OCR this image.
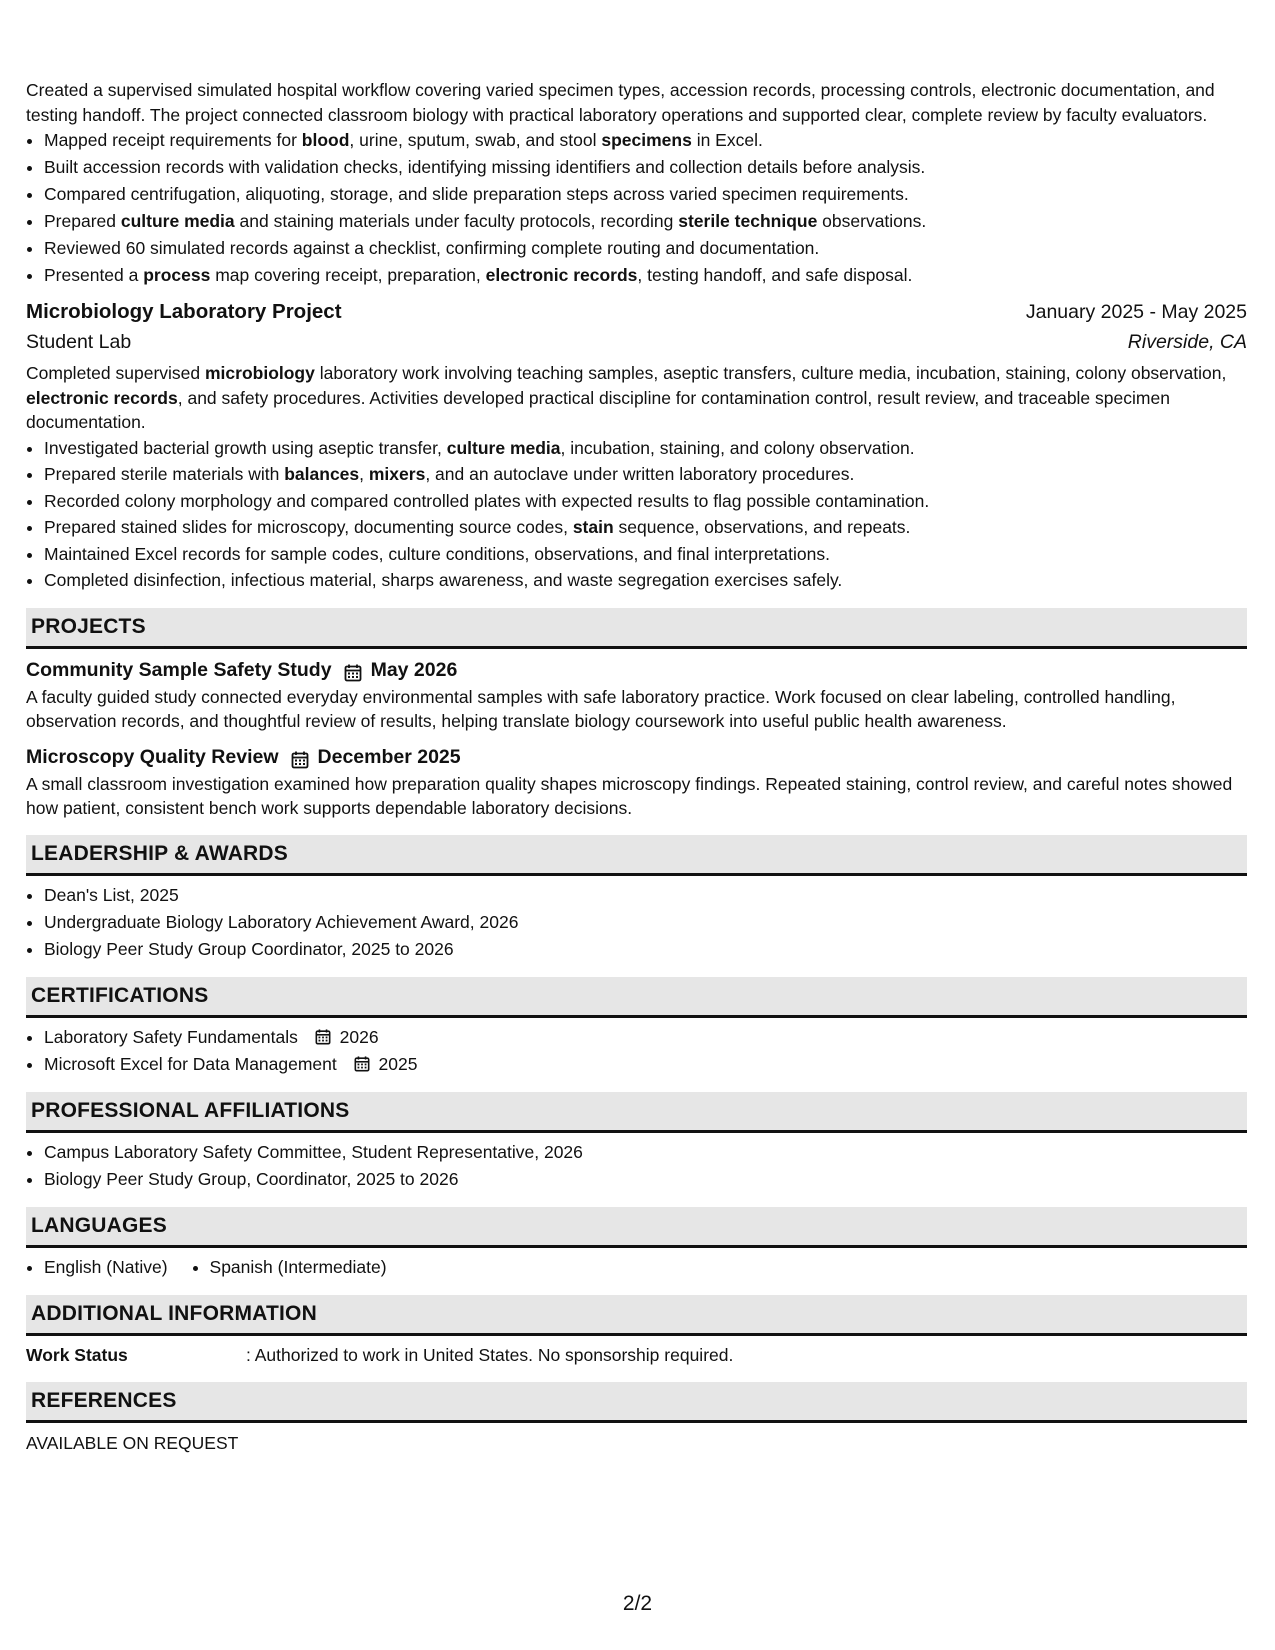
Created a supervised simulated hospital workflow covering varied specimen types, accession records, processing controls, electronic documentation, and testing handoff. The project connected classroom biology with practical laboratory operations and supported clear, complete review by faculty evaluators.

• Mapped receipt requirements for blood, urine, sputum, swab, and stool specimens in Excel.
• Built accession records with validation checks, identifying missing identifiers and collection details before analysis.
• Compared centrifugation, aliquoting, storage, and slide preparation steps across varied specimen requirements.
• Prepared culture media and staining materials under faculty protocols, recording sterile technique observations.
• Reviewed 60 simulated records against a checklist, confirming complete routing and documentation.
• Presented a process map covering receipt, preparation, electronic records, testing handoff, and safe disposal.
Microbiology Laboratory Project	January 2025 - May 2025
Student Lab	Riverside, CA

Completed supervised microbiology laboratory work involving teaching samples, aseptic transfers, culture media, incubation, staining, colony observation, electronic records, and safety procedures. Activities developed practical discipline for contamination control, result review, and traceable specimen documentation.

• Investigated bacterial growth using aseptic transfer, culture media, incubation, staining, and colony observation.
• Prepared sterile materials with balances, mixers, and an autoclave under written laboratory procedures.
• Recorded colony morphology and compared controlled plates with expected results to flag possible contamination.
• Prepared stained slides for microscopy, documenting source codes, stain sequence, observations, and repeats.
• Maintained Excel records for sample codes, culture conditions, observations, and final interpretations.
• Completed disinfection, infectious material, sharps awareness, and waste segregation exercises safely.
PROJECTS
Community Sample Safety Study May 2026

A faculty guided study connected everyday environmental samples with safe laboratory practice. Work focused on clear labeling, controlled handling, observation records, and thoughtful review of results, helping translate biology coursework into useful public health awareness.

Microscopy Quality Review December 2025

A small classroom investigation examined how preparation quality shapes microscopy findings. Repeated staining, control review, and careful notes showed how patient, consistent bench work supports dependable laboratory decisions.

LEADERSHIP & AWARDS
• Dean's List, 2025
• Undergraduate Biology Laboratory Achievement Award, 2026
• Biology Peer Study Group Coordinator, 2025 to 2026
CERTIFICATIONS
• Laboratory Safety Fundamentals 2026
• Microsoft Excel for Data Management 2025
PROFESSIONAL AFFILIATIONS
• Campus Laboratory Safety Committee, Student Representative, 2026
• Biology Peer Study Group, Coordinator, 2025 to 2026
LANGUAGES
English (Native) Spanish (Intermediate)
ADDITIONAL INFORMATION
Work Status	: Authorized to work in United States. No sponsorship required.
REFERENCES

AVAILABLE ON REQUEST

2/2
